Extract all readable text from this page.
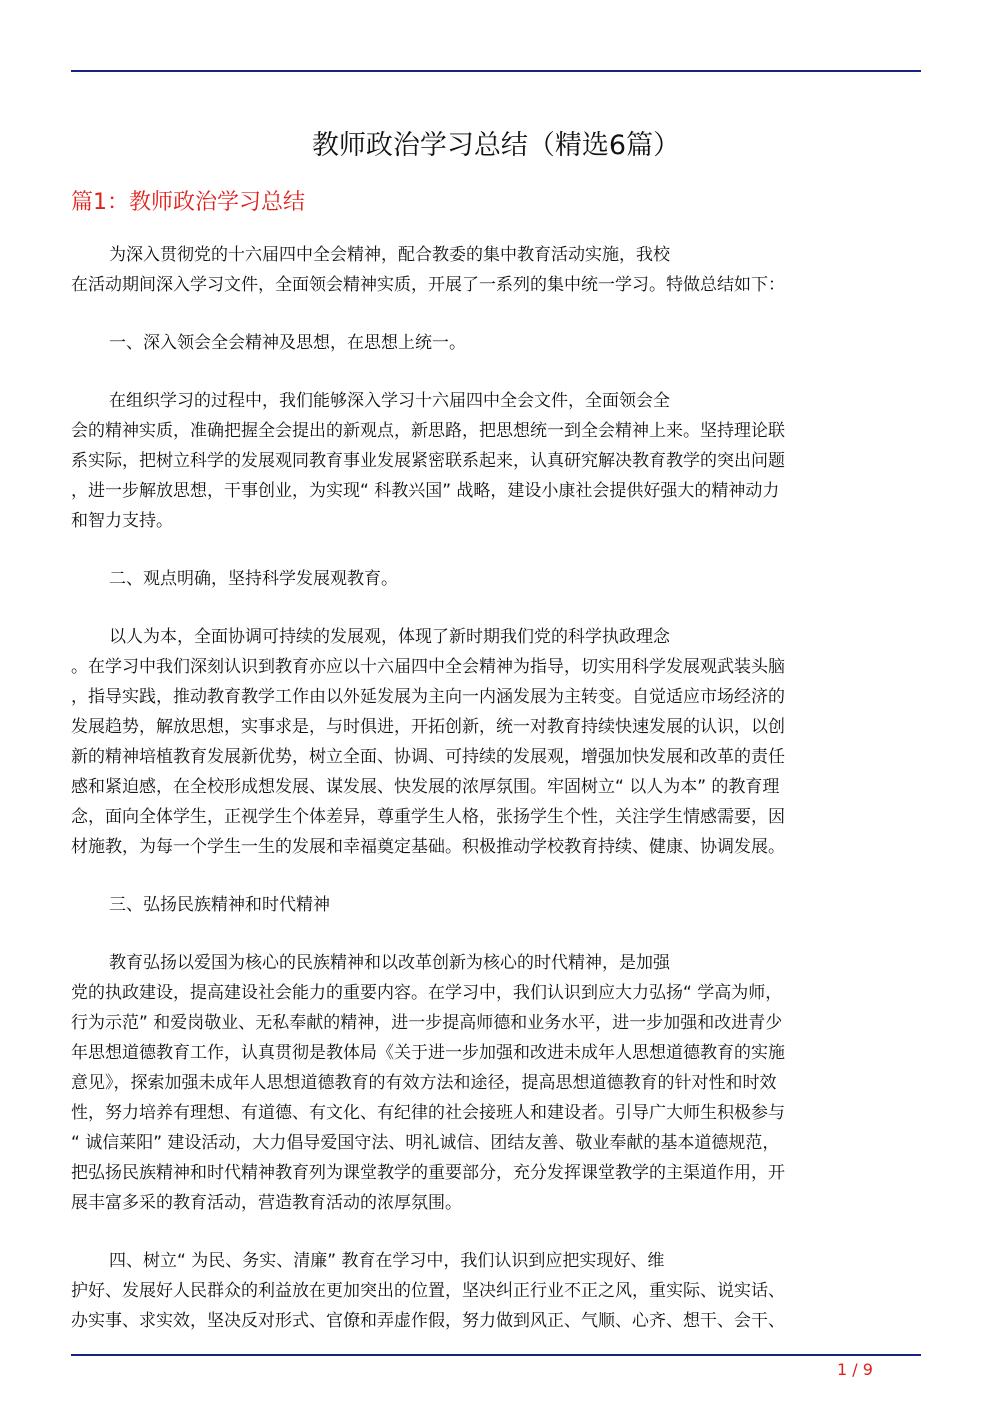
教师政治学习总结（精选6篇）
篇1：教师政治学习总结

为深入贯彻党的十六届四中全会精神，配合教委的集中教育活动实施，我校
在活动期间深入学习文件，全面领会精神实质，开展了一系列的集中统一学习。特做总结如下：

一、深入领会全会精神及思想，在思想上统一。

在组织学习的过程中，我们能够深入学习十六届四中全会文件，全面领会全
会的精神实质，准确把握全会提出的新观点，新思路，把思想统一到全会精神上来。坚持理论联
系实际，把树立科学的发展观同教育事业发展紧密联系起来，认真研究解决教育教学的突出问题
，进一步解放思想，干事创业，为实现“ 科教兴国” 战略，建设小康社会提供好强大的精神动力
和智力支持。

二、观点明确，坚持科学发展观教育。

以人为本，全面协调可持续的发展观，体现了新时期我们党的科学执政理念
。在学习中我们深刻认识到教育亦应以十六届四中全会精神为指导，切实用科学发展观武装头脑
，指导实践，推动教育教学工作由以外延发展为主向一内涵发展为主转变。自觉适应市场经济的
发展趋势，解放思想，实事求是，与时俱进，开拓创新，统一对教育持续快速发展的认识，以创
新的精神培植教育发展新优势，树立全面、协调、可持续的发展观，增强加快发展和改革的责任
感和紧迫感，在全校形成想发展、谋发展、快发展的浓厚氛围。牢固树立“ 以人为本” 的教育理
念，面向全体学生，正视学生个体差异，尊重学生人格，张扬学生个性，关注学生情感需要，因
材施教，为每一个学生一生的发展和幸福奠定基础。积极推动学校教育持续、健康、协调发展。

三、弘扬民族精神和时代精神

教育弘扬以爱国为核心的民族精神和以改革创新为核心的时代精神，是加强
党的执政建设，提高建设社会能力的重要内容。在学习中，我们认识到应大力弘扬“ 学高为师，
行为示范” 和爱岗敬业、无私奉献的精神，进一步提高师德和业务水平，进一步加强和改进青少
年思想道德教育工作，认真贯彻是教体局《关于进一步加强和改进未成年人思想道德教育的实施
意见》，探索加强未成年人思想道德教育的有效方法和途径，提高思想道德教育的针对性和时效
性，努力培养有理想、有道德、有文化、有纪律的社会接班人和建设者。引导广大师生积极参与
“ 诚信莱阳” 建设活动，大力倡导爱国守法、明礼诚信、团结友善、敬业奉献的基本道德规范，
把弘扬民族精神和时代精神教育列为课堂教学的重要部分，充分发挥课堂教学的主渠道作用，开
展丰富多采的教育活动，营造教育活动的浓厚氛围。

四、树立“ 为民、务实、清廉” 教育在学习中，我们认识到应把实现好、维
护好、发展好人民群众的利益放在更加突出的位置，坚决纠正行业不正之风，重实际、说实话、
办实事、求实效，坚决反对形式、官僚和弄虚作假，努力做到风正、气顺、心齐、想干、会干、

1 / 9
